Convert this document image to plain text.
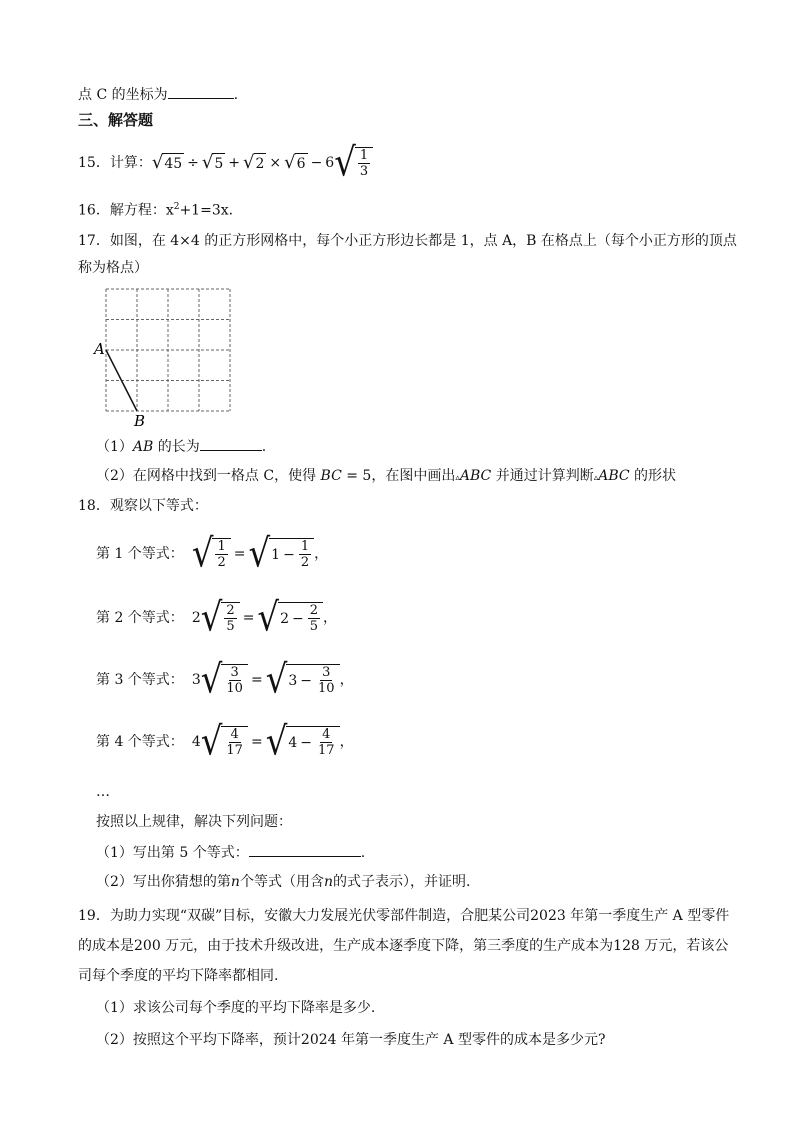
点 C 的坐标为	.
三、解答题
15．计算： √ 45 ÷ √ 5 + √ 2 × √ 6 − 6 √ $\frac{1}{3}$
16．解方程：$x^2+1=3x$.
17．如图，在 4×4 的正方形网格中，每个小正方形边长都是 1，点 A，B 在格点上（每个小正方形的顶点
称为格点）
A
B
（1）AB 的长为	.
（2）在网格中找到一格点 C，使得 BC = 5，在图中画出▵ABC 并通过计算判断▵ABC 的形状
18．观察以下等式：
第 1 个等式： √ $\frac{1}{2}$ = √ $1 - \frac{1}{2}$ ，
第 2 个等式： 2 √ $\frac{2}{5}$ = √ $2 - \frac{2}{5}$ ，
第 3 个等式： 3 √ $\frac{3}{10}$ = √ $3 - \frac{3}{10}$ ，
第 4 个等式： 4 √ $\frac{4}{17}$ = √ $4 - \frac{4}{17}$ ，
…
按照以上规律，解决下列问题：
（1）写出第 5 个等式：	.
（2）写出你猜想的第n个等式（用含n的式子表示），并证明.
19．为助力实现“双碳”目标，安徽大力发展光伏零部件制造，合肥某公司2023 年第一季度生产 A 型零件
的成本是200 万元，由于技术升级改进，生产成本逐季度下降，第三季度的生产成本为128 万元，若该公
司每个季度的平均下降率都相同.
（1）求该公司每个季度的平均下降率是多少.
（2）按照这个平均下降率，预计2024 年第一季度生产 A 型零件的成本是多少元?
